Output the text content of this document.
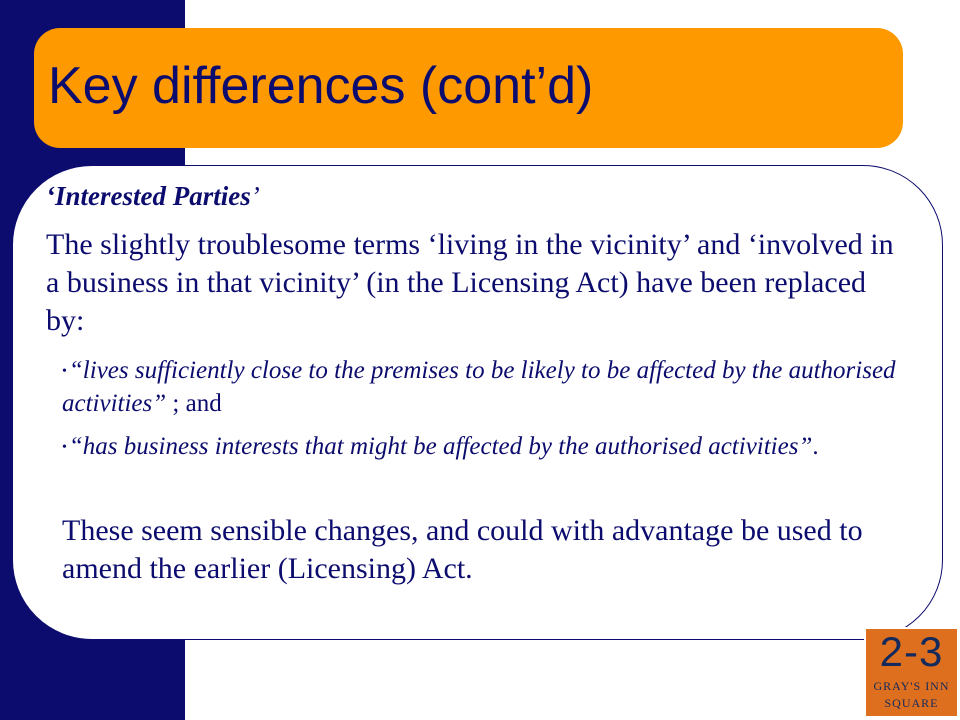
Key differences (cont’d)
‘Interested Parties’
The slightly troublesome terms ‘living in the vicinity’ and ‘involved in a business in that vicinity’ (in the Licensing Act) have been replaced by:
•“lives sufficiently close to the premises to be likely to be affected by the authorised activities” ; and
•“has business interests that might be affected by the authorised activities”.
These seem sensible changes, and could with advantage be used to amend the earlier (Licensing) Act.
2-3
GRAY'S INN
SQUARE
